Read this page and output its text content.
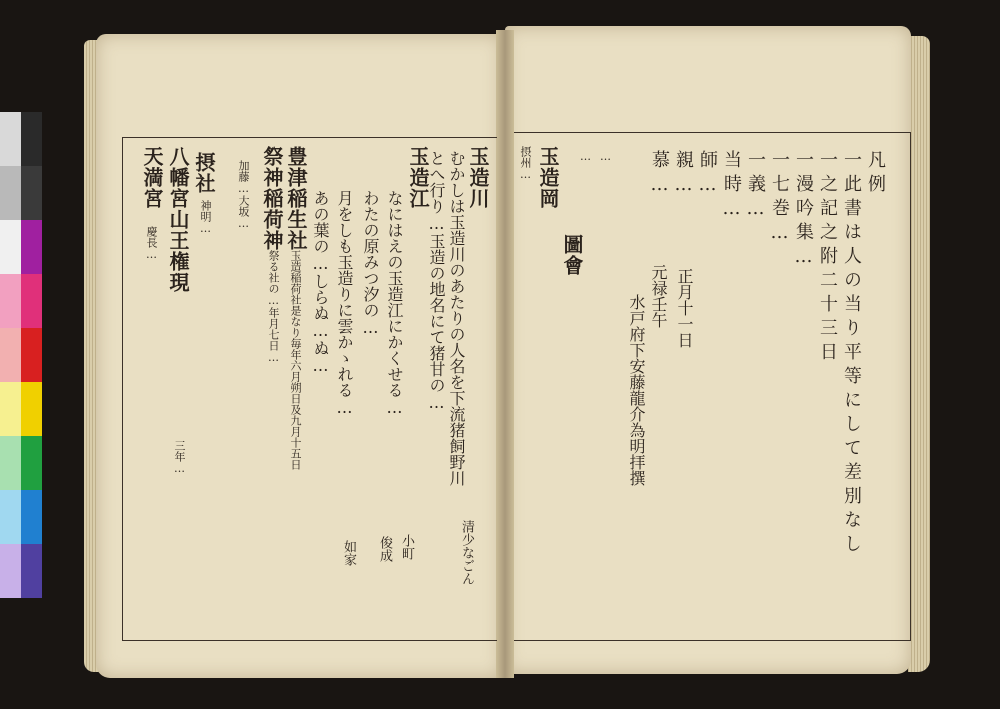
玉造川
むかしは玉造川のあたりの人名を下流猪飼野川
とへ行り…玉造の地名にて猪甘の…
玉造江
なにはえの玉造江にかくせる…
わたの原みつ汐の…
月をしも玉造りに雲かゝれる…
あの葉の…しらぬ…ぬ…
清少なごん
小町
俊成
如家
豊津稲生社
玉造稲荷社是なり毎年六月朔日及九月十五日
祭神稲荷神
祭る社の…年月七日…
加藤…大坂…
摂社
神明…
八幡宮山王権現
天満宮
慶長…
三年…
玉造岡
摂州…
圖會
… …	凡例
一此書は人の当り平等にして差別なし
一之記之附二十三日
一漫吟集…
一七巻…
一義…
当時…
師…
親…
慕…
正月十一日
元禄壬午
水戸府下安藤龍介為明拝撰
